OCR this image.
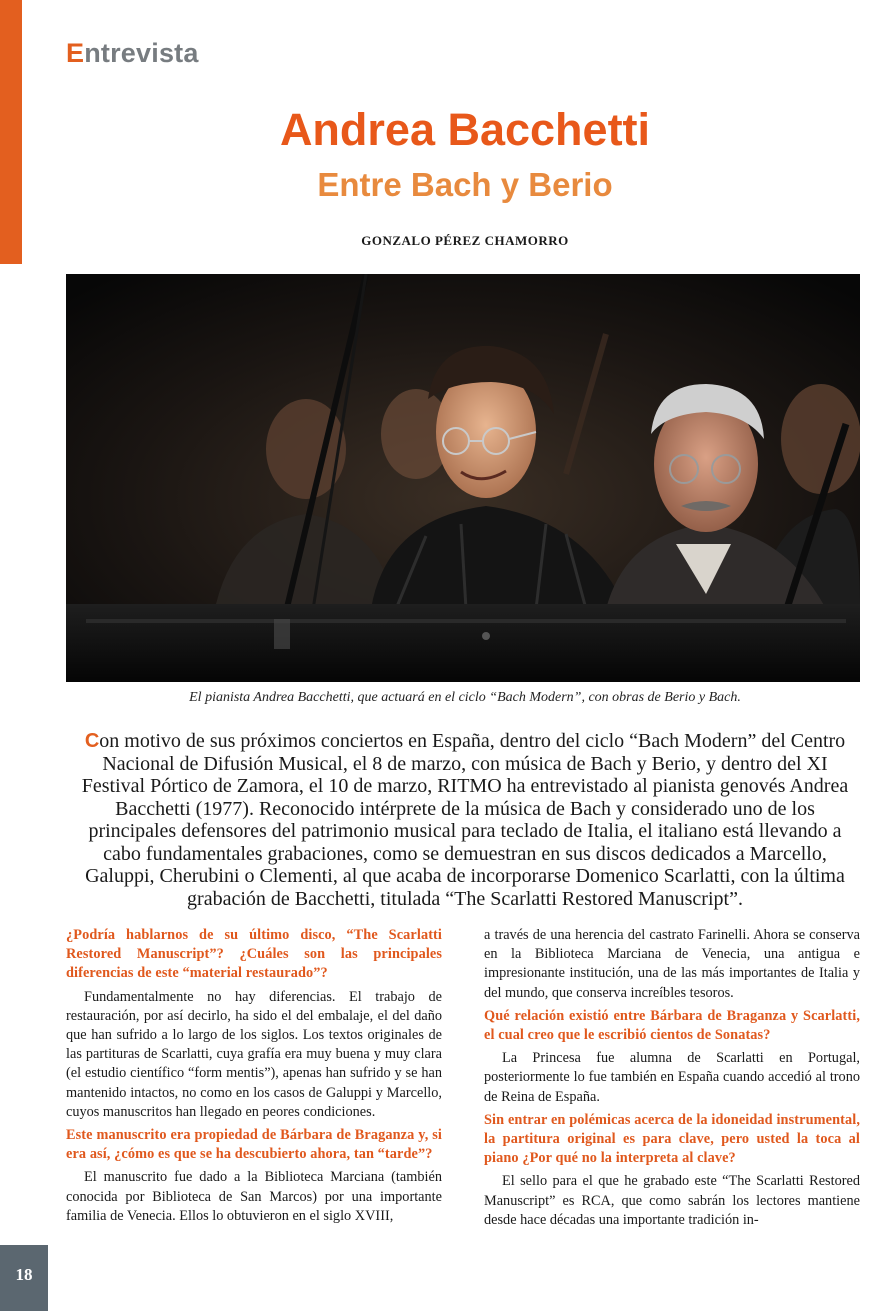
Entrevista
Andrea Bacchetti
Entre Bach y Berio
GONZALO PÉREZ CHAMORRO
El pianista Andrea Bacchetti, que actuará en el ciclo “Bach Modern”, con obras de Berio y Bach.
Con motivo de sus próximos conciertos en España, dentro del ciclo “Bach Modern” del Centro Nacional de Difusión Musical, el 8 de marzo, con música de Bach y Berio, y dentro del XI Festival Pórtico de Zamora, el 10 de marzo, RITMO ha entrevistado al pianista genovés Andrea Bacchetti (1977). Reconocido intérprete de la música de Bach y considerado uno de los principales defensores del patrimonio musical para teclado de Italia, el italiano está llevando a cabo fundamentales grabaciones, como se demuestran en sus discos dedicados a Marcello, Galuppi, Cherubini o Clementi, al que acaba de incorporarse Domenico Scarlatti, con la última grabación de Bacchetti, titulada “The Scarlatti Restored Manuscript”.

¿Podría hablarnos de su último disco, “The Scarlatti Restored Manuscript”? ¿Cuáles son las principales diferencias de este “material restaurado”?

Fundamentalmente no hay diferencias. El trabajo de restauración, por así decirlo, ha sido el del embalaje, el del daño que han sufrido a lo largo de los siglos. Los textos originales de las partituras de Scarlatti, cuya grafía era muy buena y muy clara (el estudio científico “form mentis”), apenas han sufrido y se han mantenido intactos, no como en los casos de Galuppi y Marcello, cuyos manuscritos han llegado en peores condiciones.

Este manuscrito era propiedad de Bárbara de Braganza y, si era así, ¿cómo es que se ha descubierto ahora, tan “tarde”?

El manuscrito fue dado a la Biblioteca Marciana (también conocida por Biblioteca de San Marcos) por una importante familia de Venecia. Ellos lo obtuvieron en el siglo XVIII,

a través de una herencia del castrato Farinelli. Ahora se conserva en la Biblioteca Marciana de Venecia, una antigua e impresionante institución, una de las más importantes de Italia y del mundo, que conserva increíbles tesoros.

Qué relación existió entre Bárbara de Braganza y Scarlatti, el cual creo que le escribió cientos de Sonatas?

La Princesa fue alumna de Scarlatti en Portugal, posteriormente lo fue también en España cuando accedió al trono de Reina de España.

Sin entrar en polémicas acerca de la idoneidad instrumental, la partitura original es para clave, pero usted la toca al piano ¿Por qué no la interpreta al clave?

El sello para el que he grabado este “The Scarlatti Restored Manuscript” es RCA, que como sabrán los lectores mantiene desde hace décadas una importante tradición in-

18
